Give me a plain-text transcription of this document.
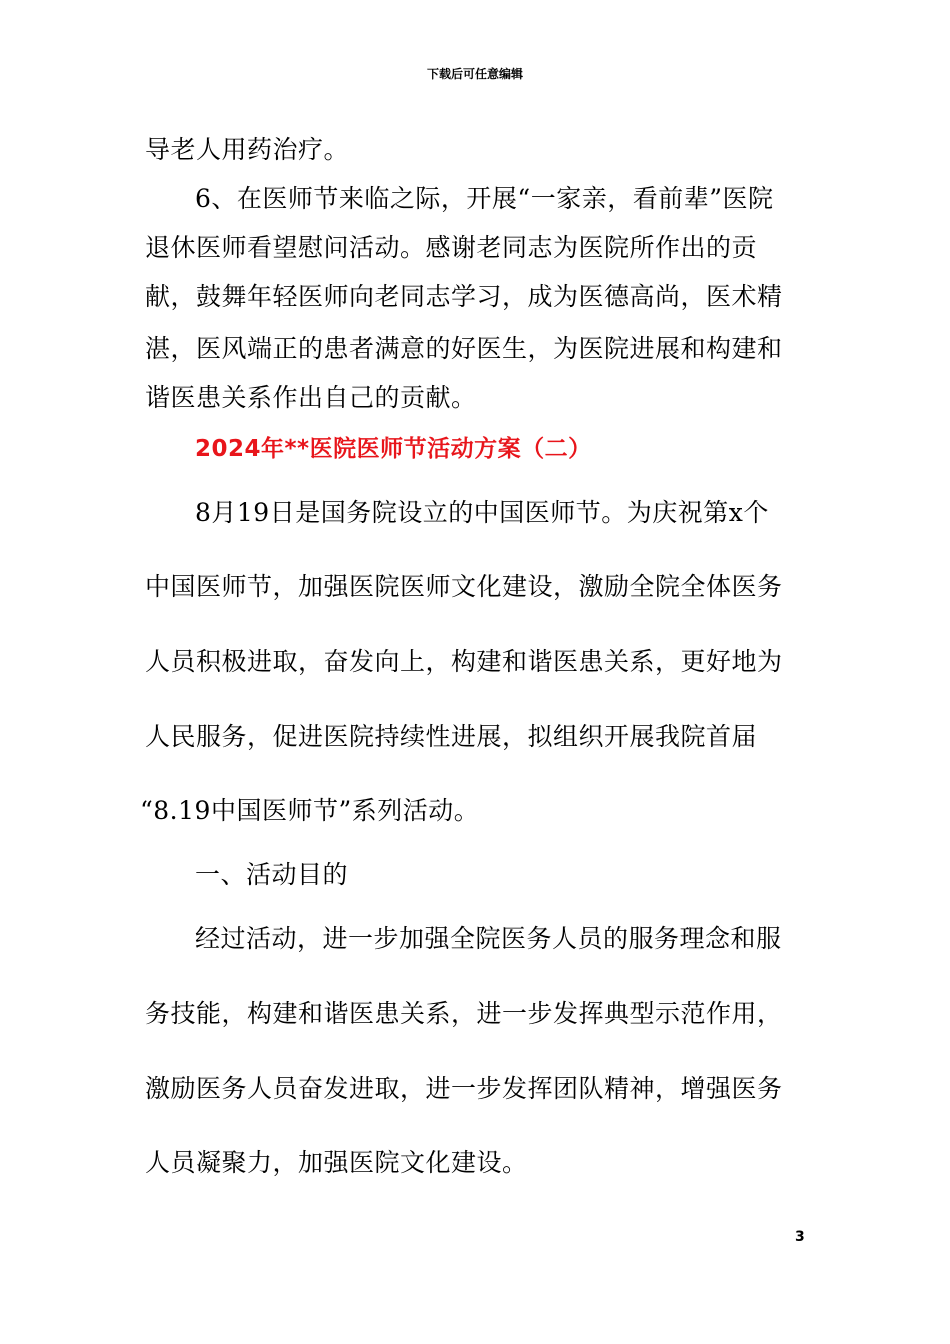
下载后可任意编辑
导老人用药治疗。
6、在医师节来临之际，开展“一家亲，看前辈”医院
退休医师看望慰问活动。感谢老同志为医院所作出的贡
献，鼓舞年轻医师向老同志学习，成为医德高尚，医术精
湛，医风端正的患者满意的好医生，为医院进展和构建和
谐医患关系作出自己的贡献。
2024年**医院医师节活动方案（二）
8月19日是国务院设立的中国医师节。为庆祝第x个
中国医师节，加强医院医师文化建设，激励全院全体医务
人员积极进取，奋发向上，构建和谐医患关系，更好地为
人民服务，促进医院持续性进展，拟组织开展我院首届
“8.19中国医师节”系列活动。
一、活动目的
经过活动，进一步加强全院医务人员的服务理念和服
务技能，构建和谐医患关系，进一步发挥典型示范作用，
激励医务人员奋发进取，进一步发挥团队精神，增强医务
人员凝聚力，加强医院文化建设。
3
